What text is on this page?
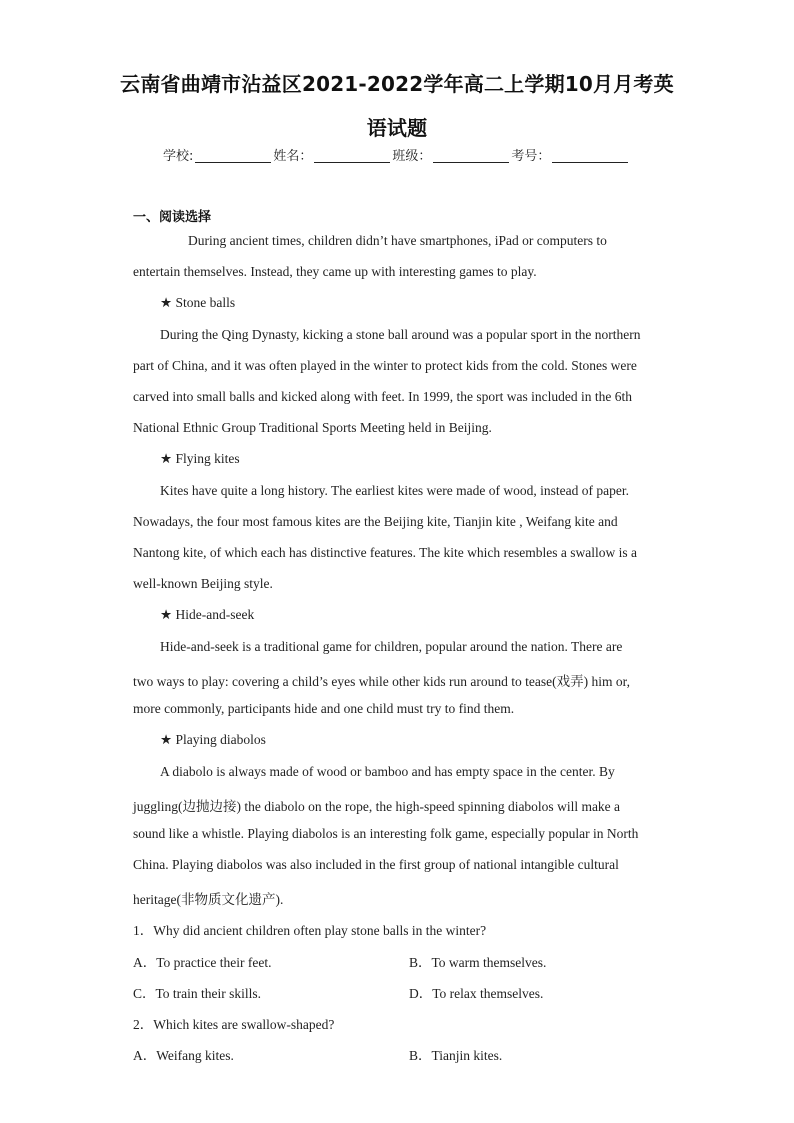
云南省曲靖市沾益区2021-2022学年高二上学期10月月考英
语试题
学校:	姓名：	班级：	考号：
一、阅读选择
During ancient times, children didn’t have smartphones, iPad or computers to
entertain themselves. Instead, they came up with interesting games to play.
★ Stone balls
During the Qing Dynasty, kicking a stone ball around was a popular sport in the northern
part of China, and it was often played in the winter to protect kids from the cold. Stones were
carved into small balls and kicked along with feet. In 1999, the sport was included in the 6th
National Ethnic Group Traditional Sports Meeting held in Beijing.
★ Flying kites
Kites have quite a long history. The earliest kites were made of wood, instead of paper.
Nowadays, the four most famous kites are the Beijing kite, Tianjin kite , Weifang kite and
Nantong kite, of which each has distinctive features. The kite which resembles a swallow is a
well-known Beijing style.
★ Hide-and-seek
Hide-and-seek is a traditional game for children, popular around the nation. There are
two ways to play: covering a child’s eyes while other kids run around to tease(戏弄) him or,
more commonly, participants hide and one child must try to find them.
★ Playing diabolos
A diabolo is always made of wood or bamboo and has empty space in the center. By
juggling(边抛边接) the diabolo on the rope, the high-speed spinning diabolos will make a
sound like a whistle. Playing diabolos is an interesting folk game, especially popular in North
China. Playing diabolos was also included in the first group of national intangible cultural
heritage(非物质文化遗产).
1．Why did ancient children often play stone balls in the winter?
A．To practice their feet.	B．To warm themselves.
C．To train their skills.	D．To relax themselves.
2．Which kites are swallow-shaped?
A．Weifang kites.	B．Tianjin kites.
